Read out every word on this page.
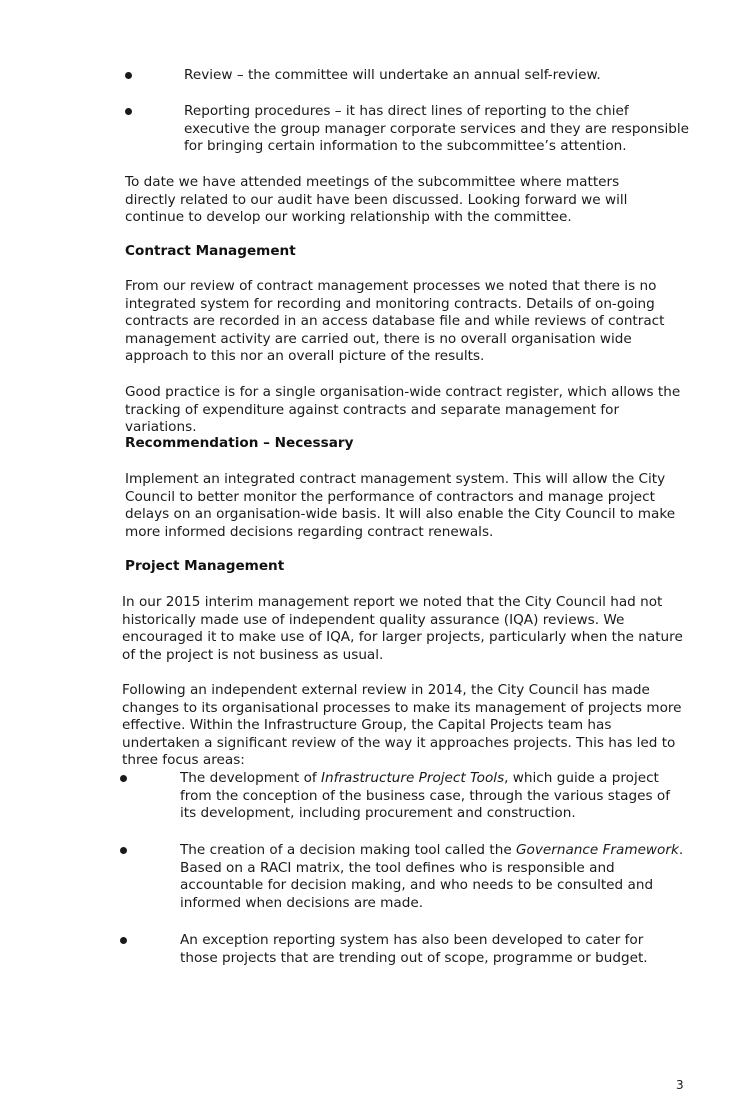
Review – the committee will undertake an annual self-review.

Reporting procedures – it has direct lines of reporting to the chief executive the group manager corporate services and they are responsible for bringing certain information to the subcommittee’s attention.

To date we have attended meetings of the subcommittee where matters directly related to our audit have been discussed. Looking forward we will continue to develop our working relationship with the committee.

Contract Management

From our review of contract management processes we noted that there is no integrated system for recording and monitoring contracts. Details of on-going contracts are recorded in an access database file and while reviews of contract management activity are carried out, there is no overall organisation wide approach to this nor an overall picture of the results.

Good practice is for a single organisation-wide contract register, which allows the tracking of expenditure against contracts and separate management for variations.

Recommendation – Necessary

Implement an integrated contract management system. This will allow the City Council to better monitor the performance of contractors and manage project delays on an organisation-wide basis. It will also enable the City Council to make more informed decisions regarding contract renewals.

Project Management

In our 2015 interim management report we noted that the City Council had not historically made use of independent quality assurance (IQA) reviews. We encouraged it to make use of IQA, for larger projects, particularly when the nature of the project is not business as usual.

Following an independent external review in 2014, the City Council has made changes to its organisational processes to make its management of projects more effective. Within the Infrastructure Group, the Capital Projects team has undertaken a significant review of the way it approaches projects. This has led to three focus areas:

The development of Infrastructure Project Tools, which guide a project from the conception of the business case, through the various stages of its development, including procurement and construction.

The creation of a decision making tool called the Governance Framework. Based on a RACI matrix, the tool defines who is responsible and accountable for decision making, and who needs to be consulted and informed when decisions are made.

An exception reporting system has also been developed to cater for those projects that are trending out of scope, programme or budget.

3
